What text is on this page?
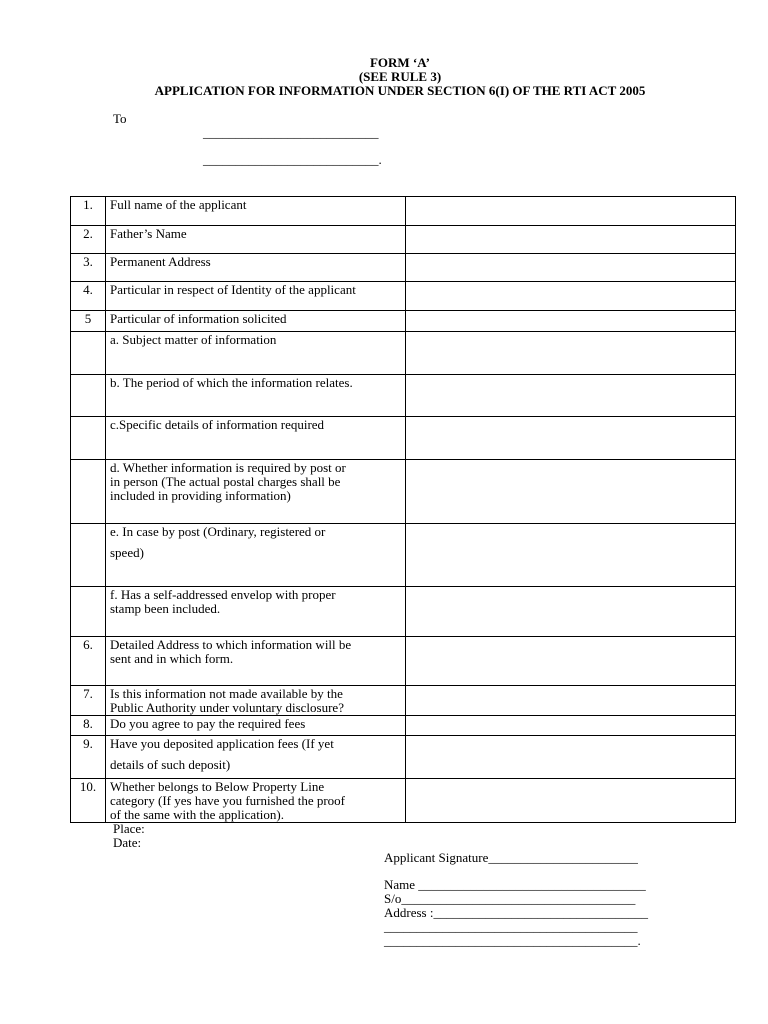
FORM ‘A’
(SEE RULE 3)
APPLICATION FOR INFORMATION UNDER SECTION 6(I) OF THE RTI ACT 2005
To
___________________________
___________________________.
1.	Full name of the applicant	

2.	Father’s Name	

3.	Permanent Address	

4.	Particular in respect of Identity of the applicant	

5	Particular of information solicited	

	a. Subject matter of information	

	b. The period of which the information relates.	

	c.Specific details of information required	

	d. Whether information is required by post or
in person (The actual postal charges shall be
included in providing information)	

	e. In case by post (Ordinary, registered or
speed)	

	f. Has a self-addressed envelop with proper
stamp been included.	

6.	Detailed Address to which information will be
sent and in which form.	

7.	Is this information not made available by the
Public Authority under voluntary disclosure?	

8.	Do you agree to pay the required fees	

9.	Have you deposited application fees (If yet
details of such deposit)	

10.	Whether belongs to Below Property Line
category (If yes have you furnished the proof
of the same with the application).	

Place:
Date:
Applicant Signature_______________________
Name ___________________________________
S/o____________________________________
Address :_________________________________
_______________________________________
_______________________________________.
